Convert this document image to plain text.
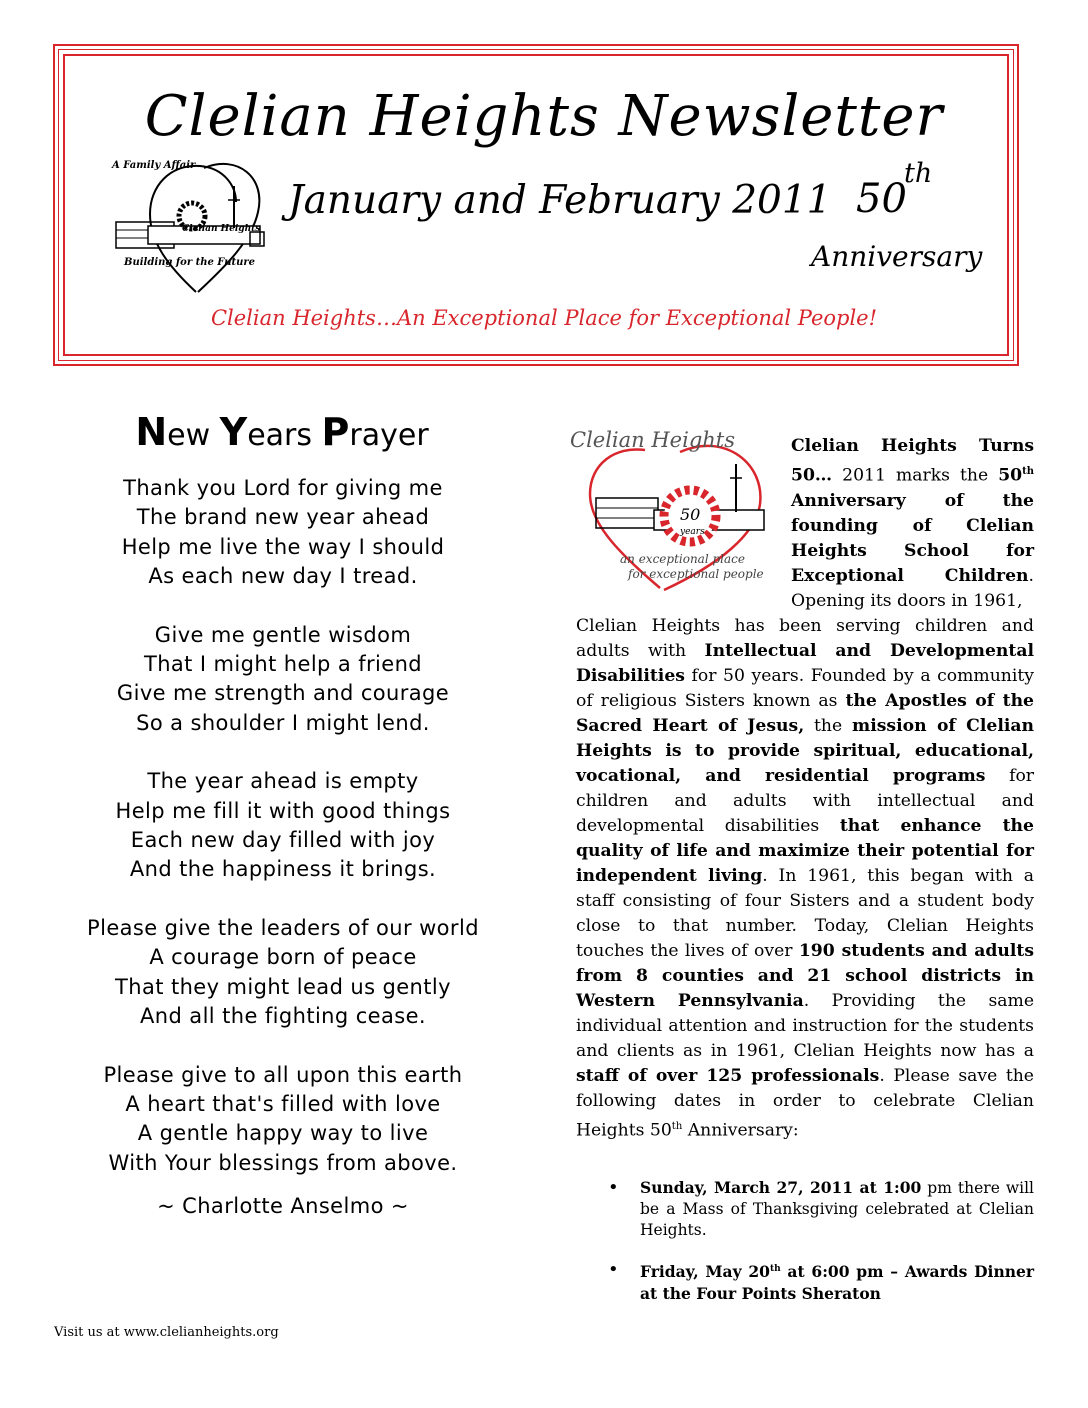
Clelian Heights Newsletter
A Family Affair
Clelian Heights
Building for the Future
January and February 2011 50
th
Anniversary
Clelian Heights…An Exceptional Place for Exceptional People!
New Years Prayer
Thank you Lord for giving me
The brand new year ahead
Help me live the way I should
As each new day I tread.
Give me gentle wisdom
That I might help a friend
Give me strength and courage
So a shoulder I might lend.
The year ahead is empty
Help me fill it with good things
Each new day filled with joy
And the happiness it brings.
Please give the leaders of our world
A courage born of peace
That they might lead us gently
And all the fighting cease.
Please give to all upon this earth
A heart that's filled with love
A gentle happy way to live
With Your blessings from above.
~ Charlotte Anselmo ~
50
years
Clelian Heights
an exceptional place
for exceptional people
Clelian Heights Turns 50… 2011 marks the 50th Anniversary of the founding of Clelian Heights School for Exceptional Children. Opening its doors in 1961,
Clelian Heights has been serving children and adults with Intellectual and Developmental Disabilities for 50 years. Founded by a community of religious Sisters known as the Apostles of the Sacred Heart of Jesus, the mission of Clelian Heights is to provide spiritual, educational, vocational, and residential programs for children and adults with intellectual and developmental disabilities that enhance the quality of life and maximize their potential for independent living. In 1961, this began with a staff consisting of four Sisters and a student body close to that number. Today, Clelian Heights touches the lives of over 190 students and adults from 8 counties and 21 school districts in Western Pennsylvania. Providing the same individual attention and instruction for the students and clients as in 1961, Clelian Heights now has a staff of over 125 professionals. Please save the following dates in order to celebrate Clelian Heights 50th Anniversary:
• Sunday, March 27, 2011 at 1:00 pm there will be a Mass of Thanksgiving celebrated at Clelian Heights.
• Friday, May 20th at 6:00 pm – Awards Dinner at the Four Points Sheraton
Visit us at www.clelianheights.org
